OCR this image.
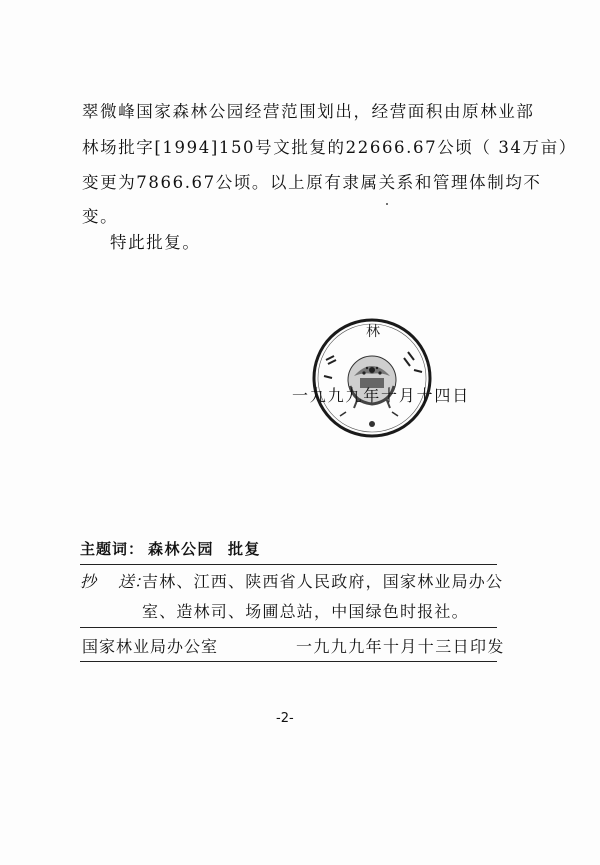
翠微峰国家森林公园经营范围划出，经营面积由原林业部
林场批字[1994]150号文批复的22666.67公顷（ 34万亩）
变更为7866.67公顷。以上原有隶属关系和管理体制均不
变。
特此批复。
林
一九九九年十月十四日
主题词： 森林公园 批复
抄 送：
吉林、江西、陕西省人民政府，国家林业局办公
室、造林司、场圃总站，中国绿色时报社。
国家林业局办公室	一九九九年十月十三日印发
-2-
